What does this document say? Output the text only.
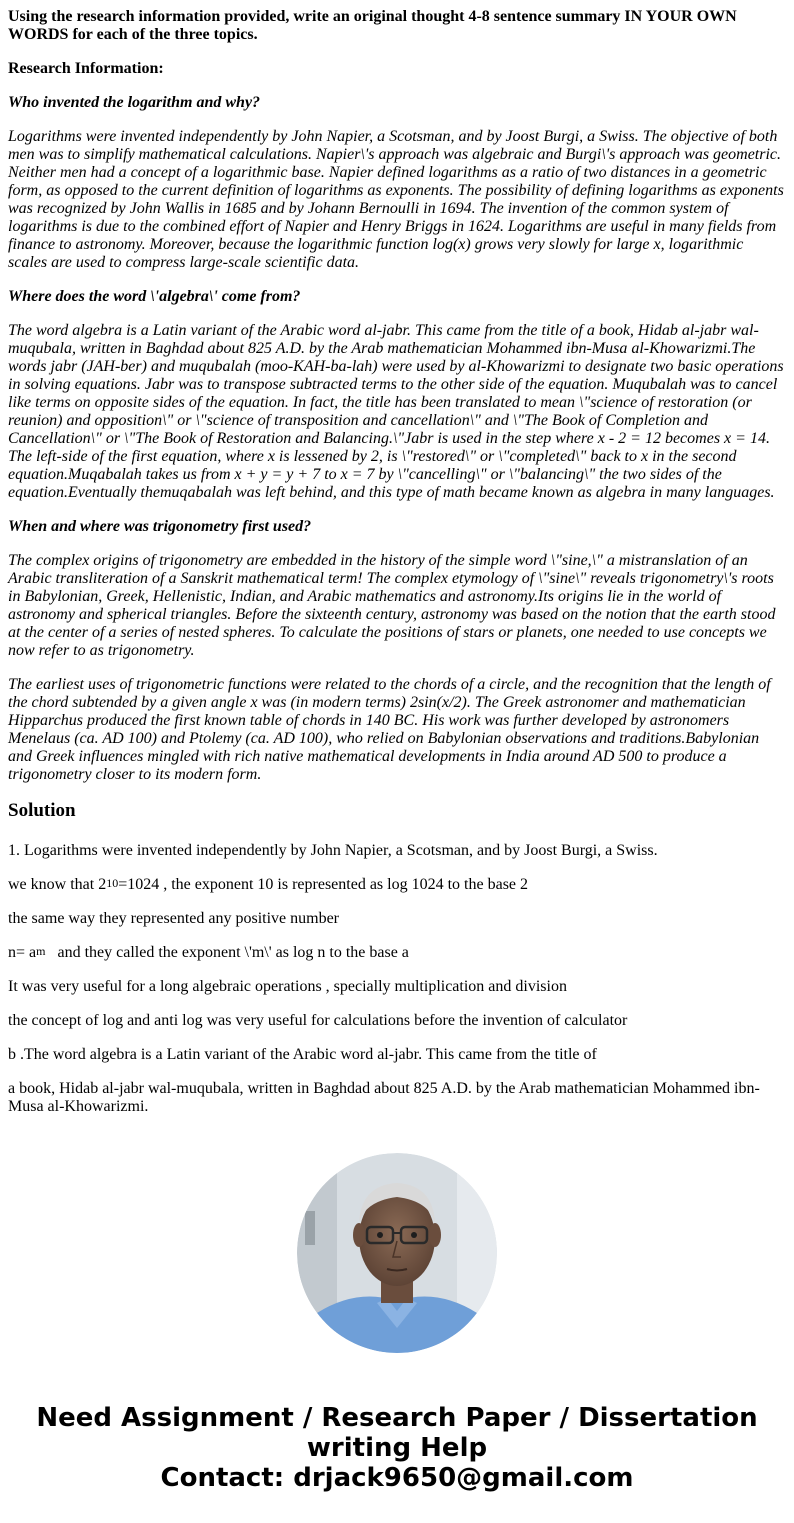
Using the research information provided, write an original thought 4-8 sentence summary IN YOUR OWN WORDS for each of the three topics.

Research Information:

Who invented the logarithm and why?

Logarithms were invented independently by John Napier, a Scotsman, and by Joost Burgi, a Swiss. The objective of both men was to simplify mathematical calculations. Napier\'s approach was algebraic and Burgi\'s approach was geometric. Neither men had a concept of a logarithmic base. Napier defined logarithms as a ratio of two distances in a geometric form, as opposed to the current definition of logarithms as exponents. The possibility of defining logarithms as exponents was recognized by John Wallis in 1685 and by Johann Bernoulli in 1694. The invention of the common system of logarithms is due to the combined effort of Napier and Henry Briggs in 1624. Logarithms are useful in many fields from finance to astronomy. Moreover, because the logarithmic function log(x) grows very slowly for large x, logarithmic scales are used to compress large-scale scientific data.

Where does the word \'algebra\' come from?

The word algebra is a Latin variant of the Arabic word al-jabr. This came from the title of a book, Hidab al-jabr wal-muqubala, written in Baghdad about 825 A.D. by the Arab mathematician Mohammed ibn-Musa al-Khowarizmi.The words jabr (JAH-ber) and muqubalah (moo-KAH-ba-lah) were used by al-Khowarizmi to designate two basic operations in solving equations. Jabr was to transpose subtracted terms to the other side of the equation. Muqubalah was to cancel like terms on opposite sides of the equation. In fact, the title has been translated to mean \"science of restoration (or reunion) and opposition\" or \"science of transposition and cancellation\" and \"The Book of Completion and Cancellation\" or \"The Book of Restoration and Balancing.\"Jabr is used in the step where x - 2 = 12 becomes x = 14. The left-side of the first equation, where x is lessened by 2, is \"restored\" or \"completed\" back to x in the second equation.Muqabalah takes us from x + y = y + 7 to x = 7 by \"cancelling\" or \"balancing\" the two sides of the equation.Eventually themuqabalah was left behind, and this type of math became known as algebra in many languages.

When and where was trigonometry first used?

The complex origins of trigonometry are embedded in the history of the simple word \"sine,\" a mistranslation of an Arabic transliteration of a Sanskrit mathematical term! The complex etymology of \"sine\" reveals trigonometry\'s roots in Babylonian, Greek, Hellenistic, Indian, and Arabic mathematics and astronomy.Its origins lie in the world of astronomy and spherical triangles. Before the sixteenth century, astronomy was based on the notion that the earth stood at the center of a series of nested spheres. To calculate the positions of stars or planets, one needed to use concepts we now refer to as trigonometry.

The earliest uses of trigonometric functions were related to the chords of a circle, and the recognition that the length of the chord subtended by a given angle x was (in modern terms) 2sin(x/2). The Greek astronomer and mathematician Hipparchus produced the first known table of chords in 140 BC. His work was further developed by astronomers Menelaus (ca. AD 100) and Ptolemy (ca. AD 100), who relied on Babylonian observations and traditions.Babylonian and Greek influences mingled with rich native mathematical developments in India around AD 500 to produce a trigonometry closer to its modern form.

Solution

1. Logarithms were invented independently by John Napier, a Scotsman, and by Joost Burgi, a Swiss.

we know that $2^{10}=1024$ , the exponent 10 is represented as log 1024 to the base 2

the same way they represented any positive number

$n= a^m$ and they called the exponent \'m\' as log n to the base a

It was very useful for a long algebraic operations , specially multiplication and division

the concept of log and anti log was very useful for calculations before the invention of calculator

b .The word algebra is a Latin variant of the Arabic word al-jabr. This came from the title of

a book, Hidab al-jabr wal-muqubala, written in Baghdad about 825 A.D. by the Arab mathematician Mohammed ibn-Musa al-Khowarizmi.

Need Assignment / Research Paper / Dissertation writing Help
Contact: drjack9650@gmail.com
